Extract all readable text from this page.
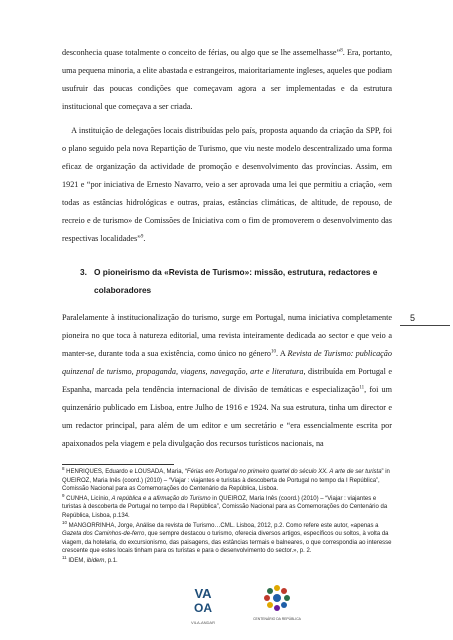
desconhecia quase totalmente o conceito de férias, ou algo que se lhe assemelhasse”$^8$. Era, portanto, uma pequena minoria, a elite abastada e estrangeiros, maioritariamente ingleses, aqueles que podiam usufruir das poucas condições que começavam agora a ser implementadas e da estrutura institucional que começava a ser criada.

A instituição de delegações locais distribuídas pelo país, proposta aquando da criação da SPP, foi o plano seguido pela nova Repartição de Turismo, que viu neste modelo descentralizado uma forma eficaz de organização da actividade de promoção e desenvolvimento das províncias. Assim, em 1921 e “por iniciativa de Ernesto Navarro, veio a ser aprovada uma lei que permitiu a criação, «em todas as estâncias hidrológicas e outras, praias, estâncias climáticas, de altitude, de repouso, de recreio e de turismo» de Comissões de Iniciativa com o fim de promoverem o desenvolvimento das respectivas localidades”$^9$.

3. O pioneirismo da «Revista de Turismo»: missão, estrutura, redactores e
colaboradores

Paralelamente à institucionalização do turismo, surge em Portugal, numa iniciativa completamente pioneira no que toca à natureza editorial, uma revista inteiramente dedicada ao sector e que veio a manter-se, durante toda a sua existência, como único no género$^{10}$. A Revista de Turismo: publicação quinzenal de turismo, propaganda, viagens, navegação, arte e literatura, distribuída em Portugal e Espanha, marcada pela tendência internacional de divisão de temáticas e especialização$^{11}$, foi um quinzenário publicado em Lisboa, entre Julho de 1916 e 1924. Na sua estrutura, tinha um director e um redactor principal, para além de um editor e um secretário e “era essencialmente escrita por apaixonados pela viagem e pela divulgação dos recursos turísticos nacionais, na

5

$^8$ HENRIQUES, Eduardo e LOUSADA, Maria, “Férias em Portugal no primeiro quartel do século XX. A arte de ser turista” in QUEIROZ, Maria Inês (coord.) (2010) – “Viajar : viajantes e turistas à descoberta de Portugal no tempo da I República”, Comissão Nacional para as Comemorações do Centenário da República, Lisboa.

$^9$ CUNHA, Licínio, A república e a afirmação do Turismo in QUEIROZ, Maria Inês (coord.) (2010) – “Viajar : viajantes e turistas à descoberta de Portugal no tempo da I República”, Comissão Nacional para as Comemorações do Centenário da República, Lisboa, p.134.

$^{10}$ MANGORRINHA, Jorge, Análise da revista de Turismo…CML. Lisboa, 2012, p.2. Como refere este autor, «apenas a Gazeta dos Caminhos-de-ferro, que sempre destacou o turismo, oferecia diversos artigos, específicos ou soltos, à volta da viagem, da hotelaria, do excursionismo, das paisagens, das estâncias termais e balneares, o que correspondia ao interesse crescente que estes locais tinham para os turistas e para o desenvolvimento do sector.», p. 2.

$^{11}$ IDEM, ibidem, p.1.

VA
OA
VILA-ANDAR
CENTENÁRIO DA REPÚBLICA
